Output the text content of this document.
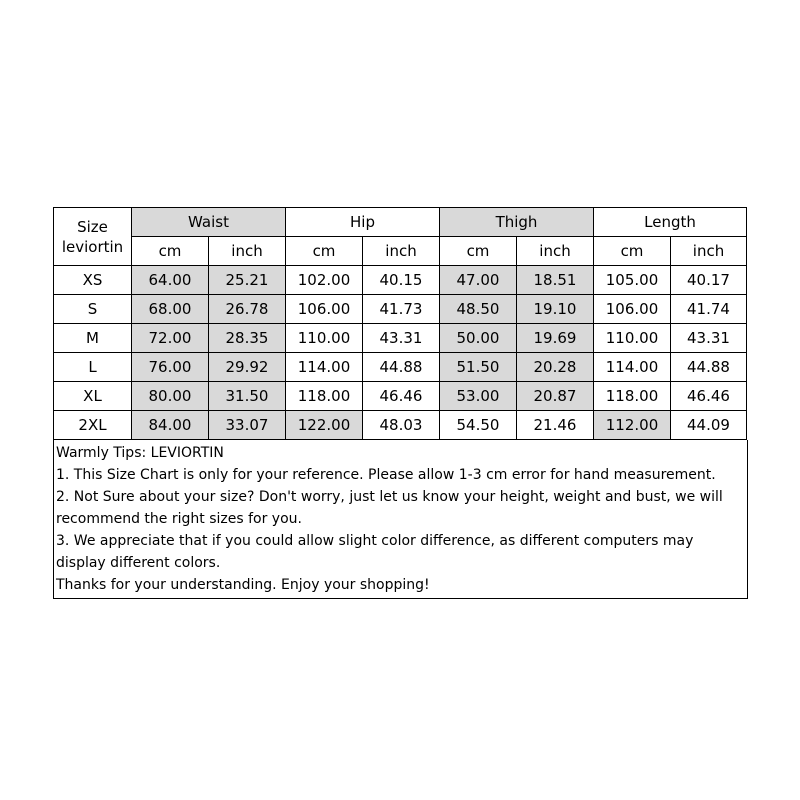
Size
leviortin	Waist		Hip		Thigh		Length	
	cm	inch	cm	inch	cm	inch	cm	inch
XS	64.00	25.21	102.00	40.15	47.00	18.51	105.00	40.17
S	68.00	26.78	106.00	41.73	48.50	19.10	106.00	41.74
M	72.00	28.35	110.00	43.31	50.00	19.69	110.00	43.31
L	76.00	29.92	114.00	44.88	51.50	20.28	114.00	44.88
XL	80.00	31.50	118.00	46.46	53.00	20.87	118.00	46.46
2XL	84.00	33.07	122.00	48.03	54.50	21.46	112.00	44.09
Warmly Tips: LEVIORTIN
1. This Size Chart is only for your reference. Please allow 1-3 cm error for hand measurement.
2. Not Sure about your size? Don't worry, just let us know your height, weight and bust, we will recommend the right sizes for you.
3. We appreciate that if you could allow slight color difference, as different computers may display different colors.
Thanks for your understanding. Enjoy your shopping!
